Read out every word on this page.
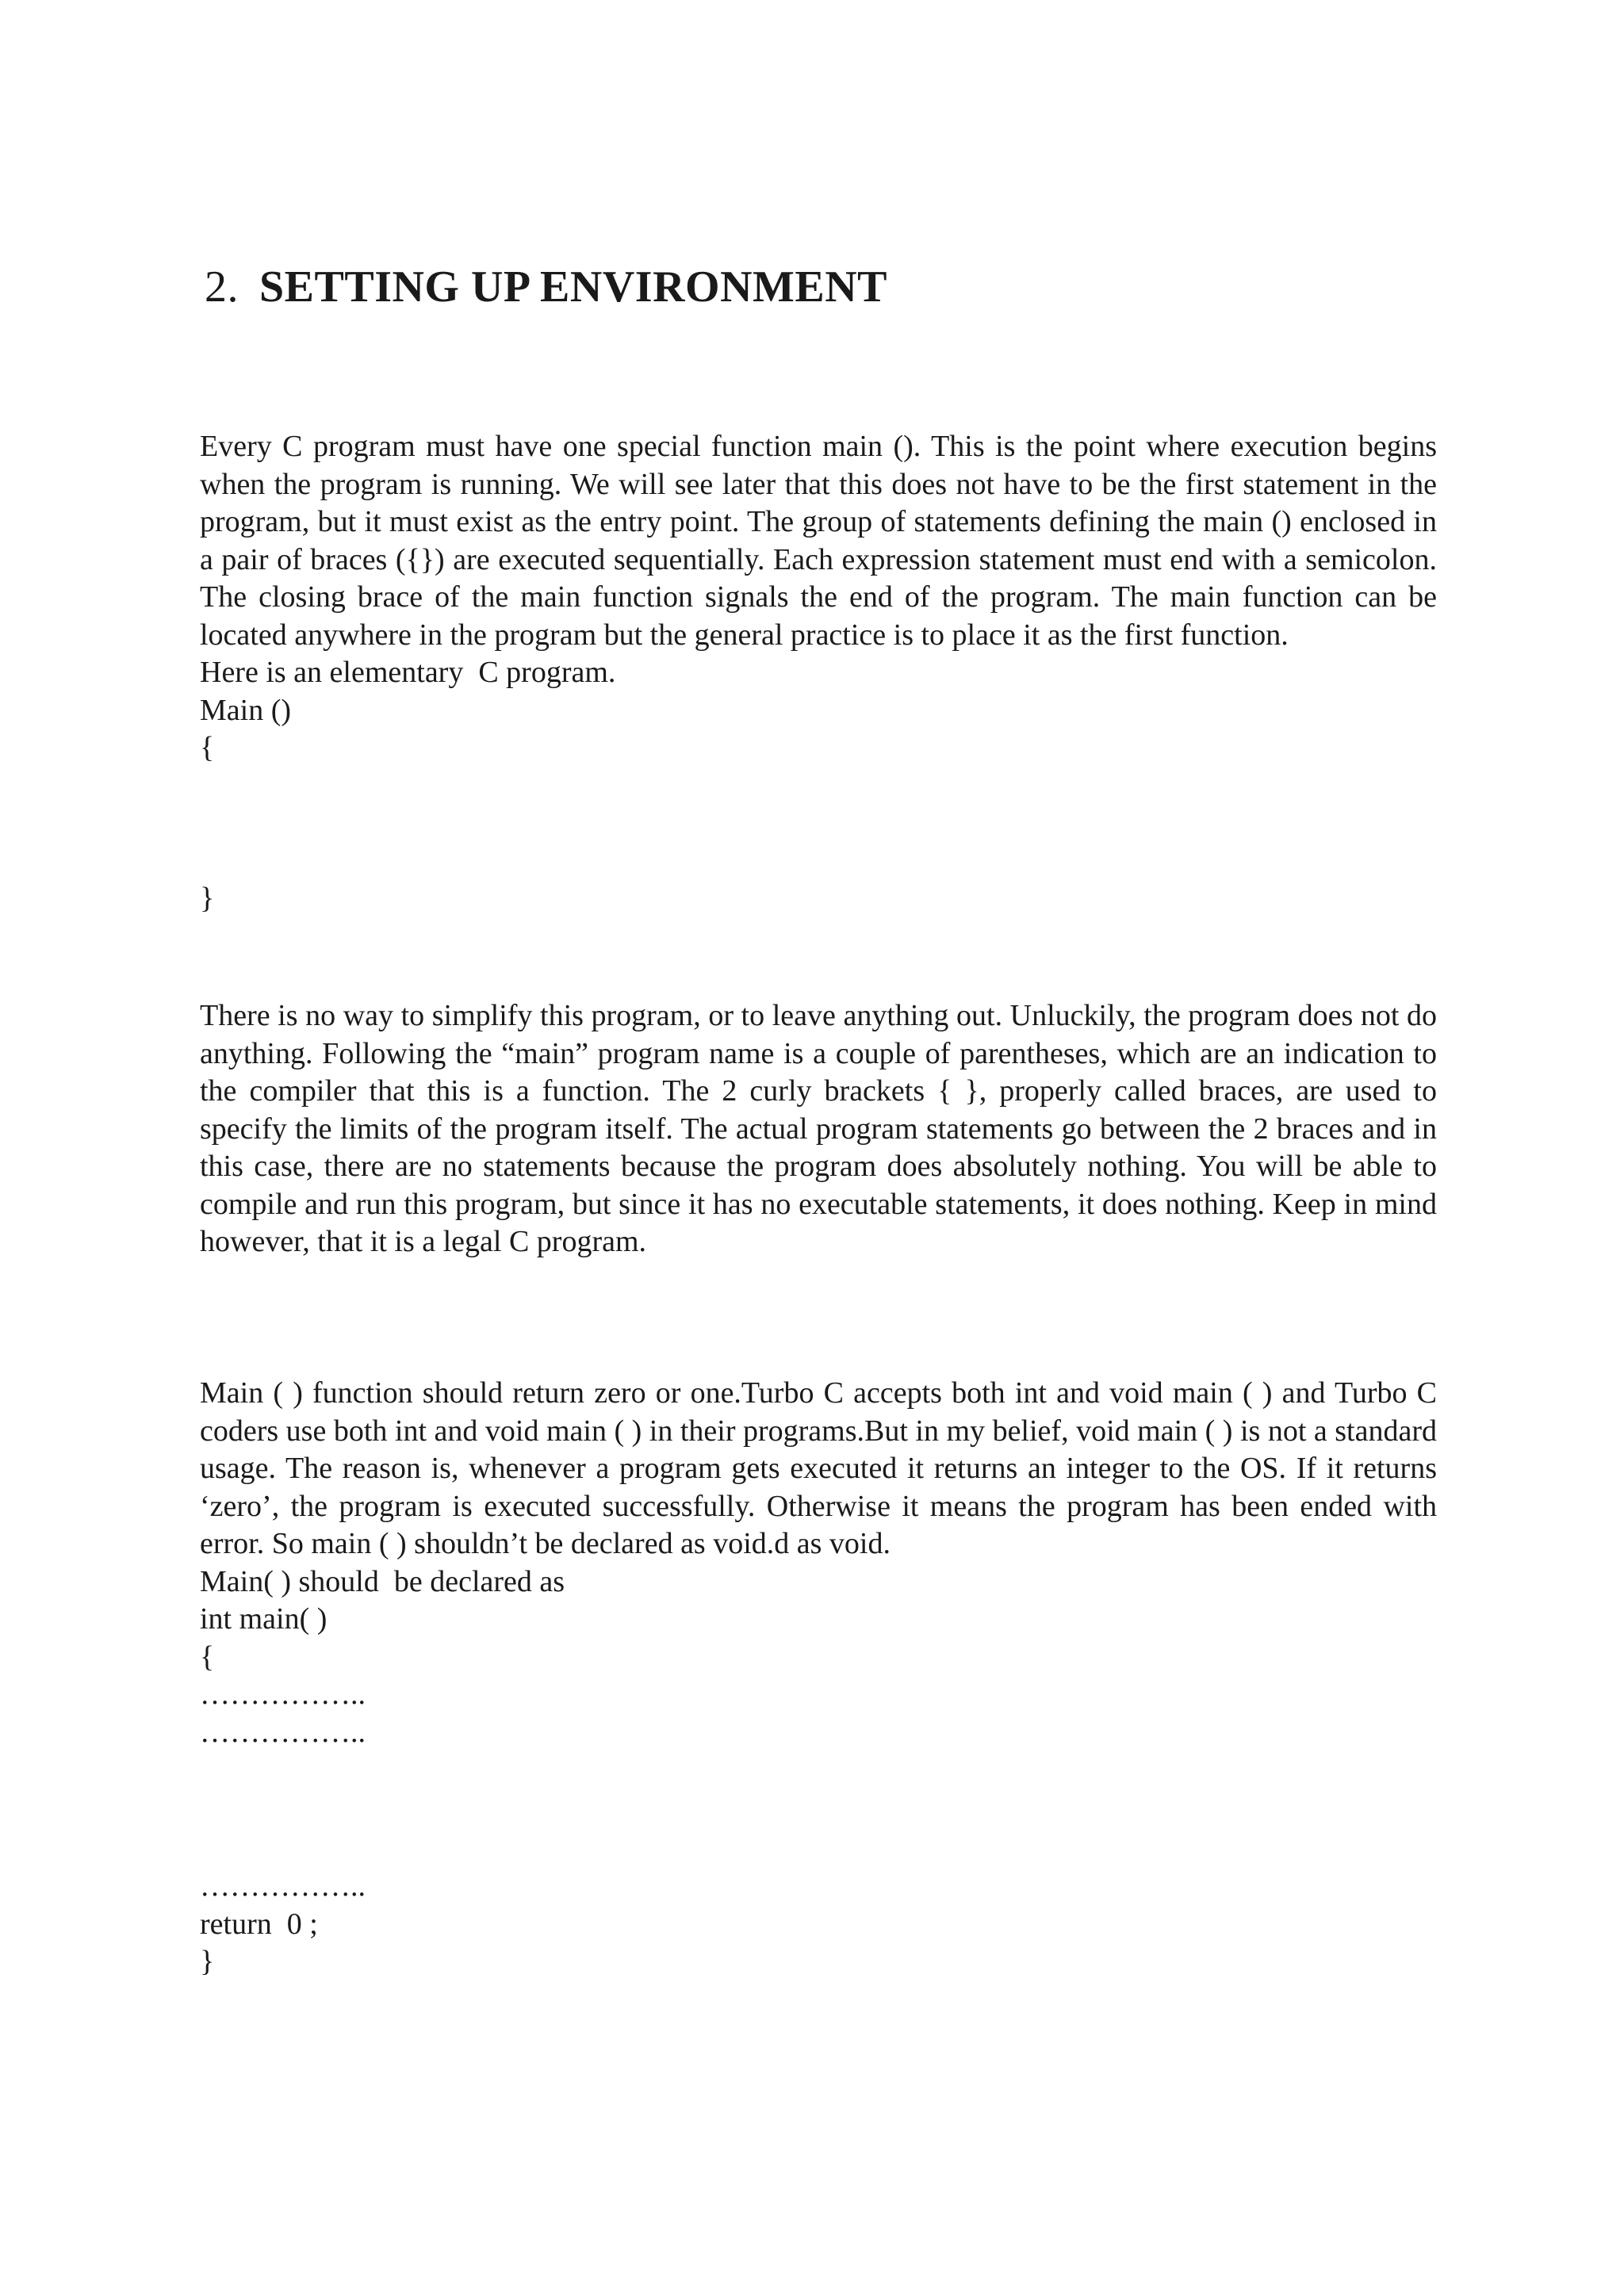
2. SETTING UP ENVIRONMENT

Every C program must have one special function main (). This is the point where execution begins when the program is running. We will see later that this does not have to be the first statement in the program, but it must exist as the entry point. The group of statements defining the main () enclosed in a pair of braces ({}) are executed sequentially. Each expression statement must end with a semicolon. The closing brace of the main function signals the end of the program. The main function can be located anywhere in the program but the general practice is to place it as the first function.

Here is an elementary  C program.

Main ()

{

}

There is no way to simplify this program, or to leave anything out. Unluckily, the program does not do anything. Following the “main” program name is a couple of parentheses, which are an indication to the compiler that this is a function. The 2 curly brackets { }, properly called braces, are used to specify the limits of the program itself. The actual program statements go between the 2 braces and in this case, there are no statements because the program does absolutely nothing. You will be able to compile and run this program, but since it has no executable statements, it does nothing. Keep in mind however, that it is a legal C program.

Main ( ) function should return zero or one.Turbo C accepts both int and void main ( ) and Turbo C coders use both int and void main ( ) in their programs.But in my belief, void main ( ) is not a standard usage. The reason is, whenever a program gets executed it returns an integer to the OS. If it returns ‘zero’, the program is executed successfully. Otherwise it means the program has been ended with error. So main ( ) shouldn’t be declared as void.d as void.

Main( ) should  be declared as

int main( )

{

……………..

……………..

……………..

return  0 ;

}
